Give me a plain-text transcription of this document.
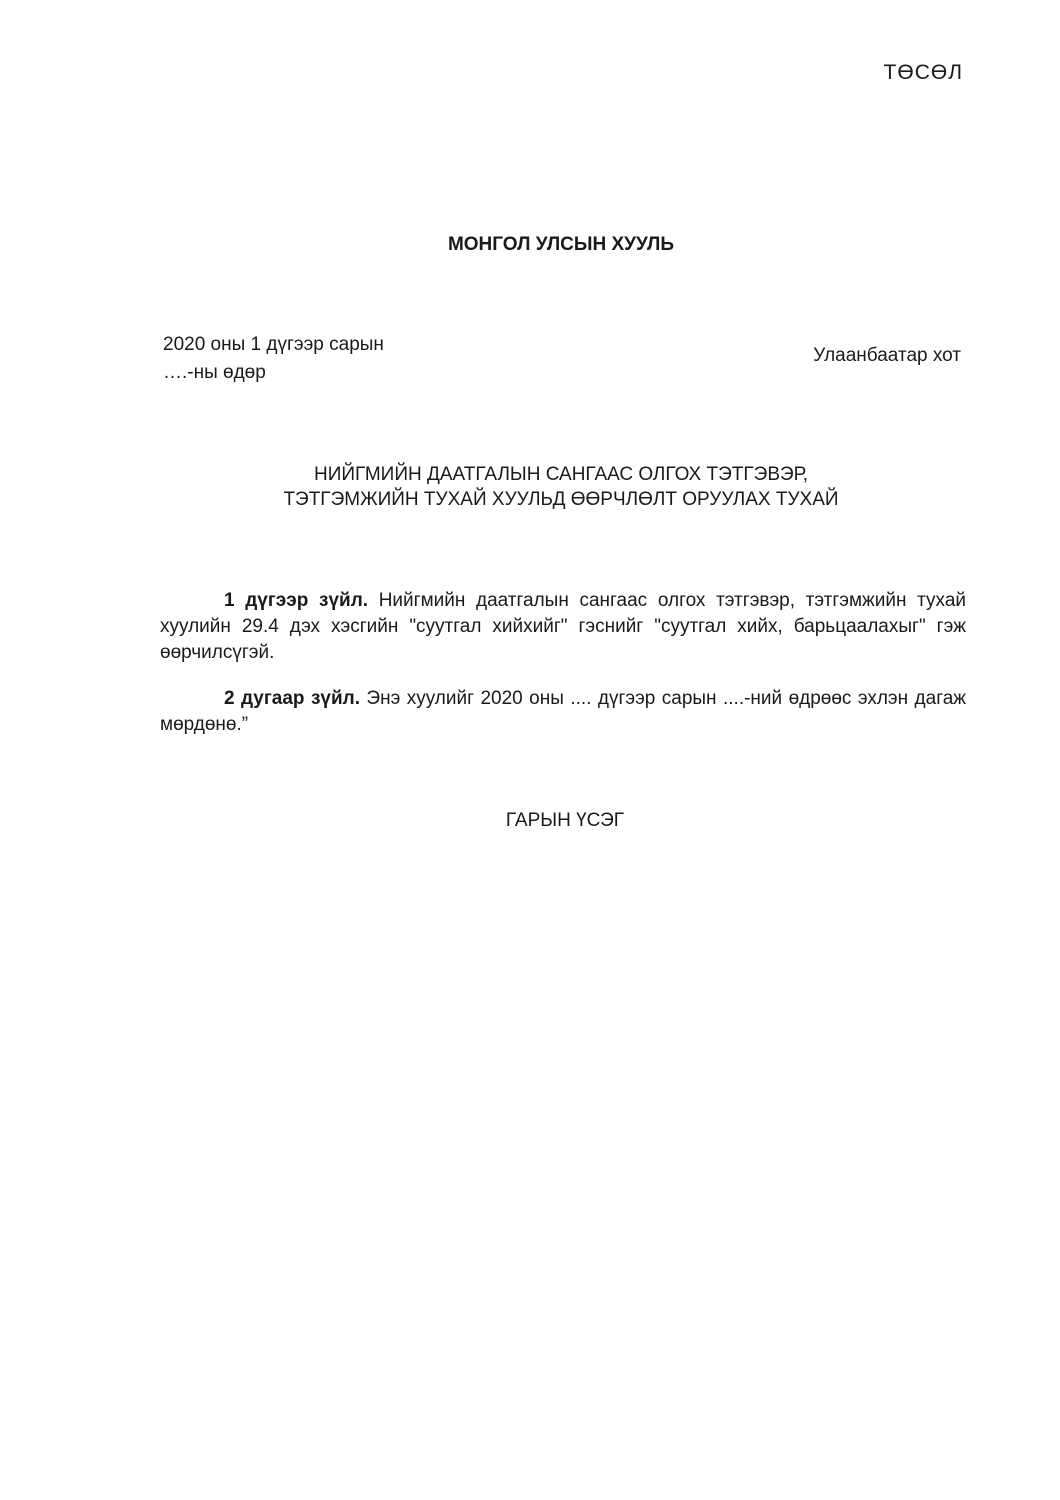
ТӨСӨЛ
МОНГОЛ УЛСЫН ХУУЛЬ
2020 оны 1 дүгээр сарын
….-ны өдөр
Улаанбаатар хот
НИЙГМИЙН ДААТГАЛЫН САНГААС ОЛГОХ ТЭТГЭВЭР,
ТЭТГЭМЖИЙН ТУХАЙ ХУУЛЬД ӨӨРЧЛӨЛТ ОРУУЛАХ ТУХАЙ

1 дүгээр зүйл. Нийгмийн даатгалын сангаас олгох тэтгэвэр, тэтгэмжийн тухай хуулийн 29.4 дэх хэсгийн "суутгал хийхийг" гэснийг "суутгал хийх, барьцаалахыг" гэж өөрчилсүгэй.

2 дугаар зүйл. Энэ хуулийг 2020 оны .... дүгээр сарын ....-ний өдрөөс эхлэн дагаж мөрдөнө.”

ГАРЫН ҮСЭГ
